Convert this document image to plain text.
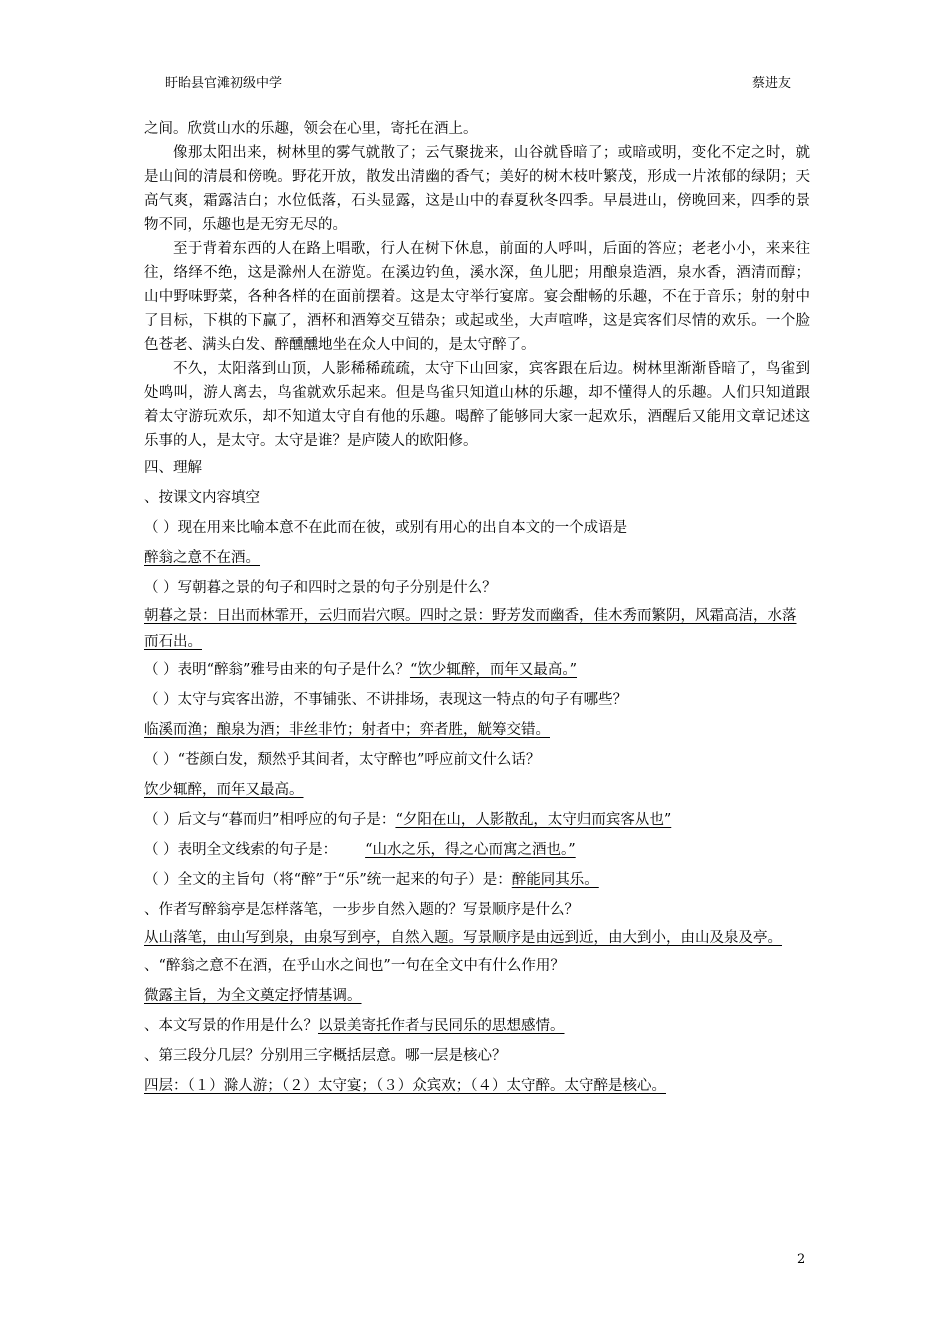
盱眙县官滩初级中学	蔡进友

之间。欣赏山水的乐趣，领会在心里，寄托在酒上。

像那太阳出来，树林里的雾气就散了；云气聚拢来，山谷就昏暗了；或暗或明，变化不定之时，就是山间的清晨和傍晚。野花开放，散发出清幽的香气；美好的树木枝叶繁茂，形成一片浓郁的绿阴；天高气爽，霜露洁白；水位低落，石头显露，这是山中的春夏秋冬四季。早晨进山，傍晚回来，四季的景物不同，乐趣也是无穷无尽的。

至于背着东西的人在路上唱歌，行人在树下休息，前面的人呼叫，后面的答应；老老小小，来来往往，络绎不绝，这是滁州人在游览。在溪边钓鱼，溪水深，鱼儿肥；用酿泉造酒，泉水香，酒清而醇；山中野味野菜，各种各样的在面前摆着。这是太守举行宴席。宴会酣畅的乐趣，不在于音乐；射的射中了目标，下棋的下赢了，酒杯和酒筹交互错杂；或起或坐，大声喧哗，这是宾客们尽情的欢乐。一个脸色苍老、满头白发、醉醺醺地坐在众人中间的，是太守醉了。

不久，太阳落到山顶，人影稀稀疏疏，太守下山回家，宾客跟在后边。树林里渐渐昏暗了，鸟雀到处鸣叫，游人离去，鸟雀就欢乐起来。但是鸟雀只知道山林的乐趣，却不懂得人的乐趣。人们只知道跟着太守游玩欢乐，却不知道太守自有他的乐趣。喝醉了能够同大家一起欢乐，酒醒后又能用文章记述这乐事的人，是太守。太守是谁？是庐陵人的欧阳修。

四、理解
、按课文内容填空
（ ）现在用来比喻本意不在此而在彼，或别有用心的出自本文的一个成语是
醉翁之意不在酒。
（ ）写朝暮之景的句子和四时之景的句子分别是什么？

朝暮之景：日出而林霏开，云归而岩穴暝。四时之景：野芳发而幽香，佳木秀而繁阴，风霜高洁，水落而石出。

（ ）表明“醉翁”雅号由来的句子是什么？“饮少辄醉，而年又最高。”
（ ）太守与宾客出游，不事铺张、不讲排场，表现这一特点的句子有哪些？
临溪而渔；酿泉为酒；非丝非竹；射者中；弈者胜，觥筹交错。
（ ）“苍颜白发，颓然乎其间者，太守醉也”呼应前文什么话？
饮少辄醉，而年又最高。
（ ）后文与“暮而归”相呼应的句子是：“夕阳在山，人影散乱，太守归而宾客从也”
（ ）表明全文线索的句子是： “山水之乐，得之心而寓之酒也。”
（ ）全文的主旨句（将“醉”于“乐”统一起来的句子）是：醉能同其乐。
、作者写醉翁亭是怎样落笔，一步步自然入题的？写景顺序是什么？

从山落笔，由山写到泉，由泉写到亭，自然入题。写景顺序是由远到近，由大到小，由山及泉及亭。

、“醉翁之意不在酒，在乎山水之间也”一句在全文中有什么作用？
微露主旨，为全文奠定抒情基调。
、本文写景的作用是什么？以景美寄托作者与民同乐的思想感情。
、第三段分几层？分别用三字概括层意。哪一层是核心？
四层：（１）滁人游；（２）太守宴；（３）众宾欢；（４）太守醉。太守醉是核心。
2
